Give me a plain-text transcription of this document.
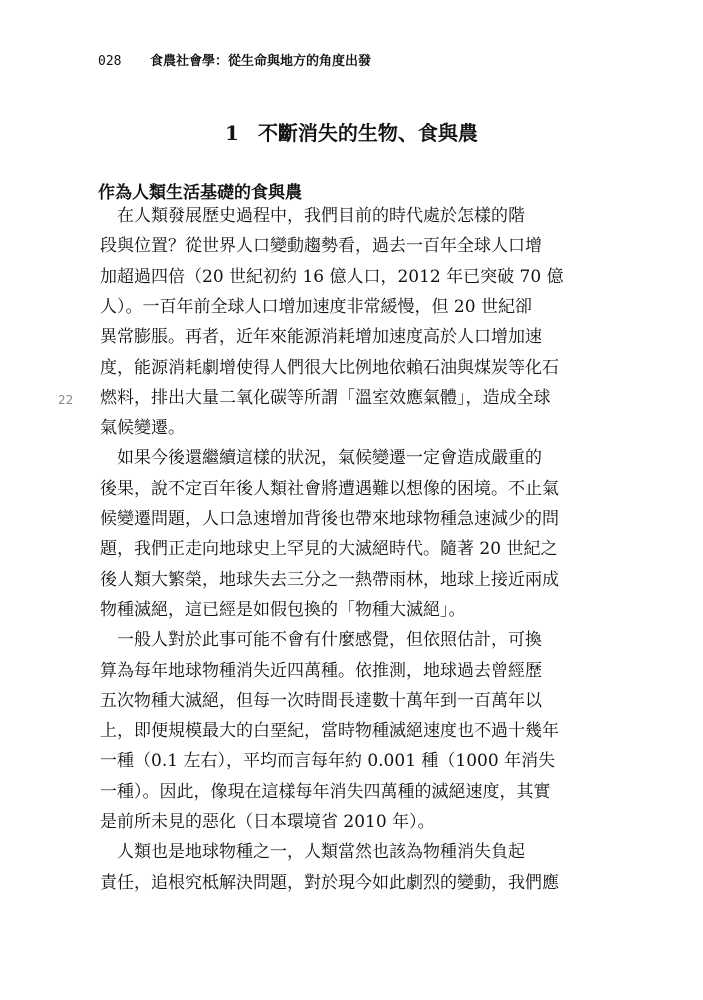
028 食農社會學：從生命與地方的角度出發
1 不斷消失的生物、食與農
作為人類生活基礎的食與農
22
　在人類發展歷史過程中，我們目前的時代處於怎樣的階
段與位置？從世界人口變動趨勢看，過去一百年全球人口增
加超過四倍（20 世紀初約 16 億人口，2012 年已突破 70 億
人）。一百年前全球人口增加速度非常緩慢，但 20 世紀卻
異常膨脹。再者，近年來能源消耗增加速度高於人口增加速
度，能源消耗劇增使得人們很大比例地依賴石油與煤炭等化石
燃料，排出大量二氧化碳等所謂「溫室效應氣體」，造成全球
氣候變遷。
　如果今後還繼續這樣的狀況，氣候變遷一定會造成嚴重的
後果，說不定百年後人類社會將遭遇難以想像的困境。不止氣
候變遷問題，人口急速增加背後也帶來地球物種急速減少的問
題，我們正走向地球史上罕見的大滅絕時代。隨著 20 世紀之
後人類大繁榮，地球失去三分之一熱帶雨林，地球上接近兩成
物種滅絕，這已經是如假包換的「物種大滅絕」。
　一般人對於此事可能不會有什麼感覺，但依照估計，可換
算為每年地球物種消失近四萬種。依推測，地球過去曾經歷
五次物種大滅絕，但每一次時間長達數十萬年到一百萬年以
上，即便規模最大的白堊紀，當時物種滅絕速度也不過十幾年
一種（0.1 左右），平均而言每年約 0.001 種（1000 年消失
一種）。因此，像現在這樣每年消失四萬種的滅絕速度，其實
是前所未見的惡化（日本環境省 2010 年）。
　人類也是地球物種之一，人類當然也該為物種消失負起
責任，追根究柢解決問題，對於現今如此劇烈的變動，我們應
